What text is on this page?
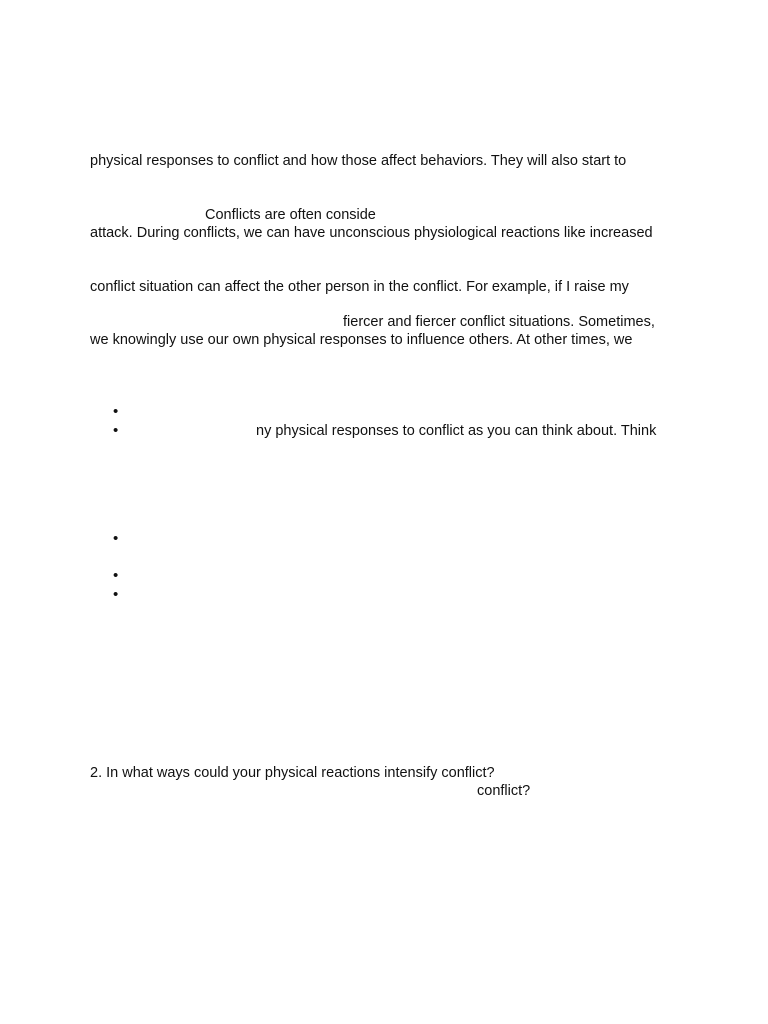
physical responses to conflict and how those affect behaviors. They will also start to
Conflicts are often conside
attack. During conflicts, we can have unconscious physiological reactions like increased
conflict situation can affect the other person in the conflict. For example, if I raise my
fiercer and fiercer conflict situations. Sometimes,
we knowingly use our own physical responses to influence others. At other times, we
•
•	ny physical responses to conflict as you can think about. Think
•
•
•
2. In what ways could your physical reactions intensify conflict?
conflict?
